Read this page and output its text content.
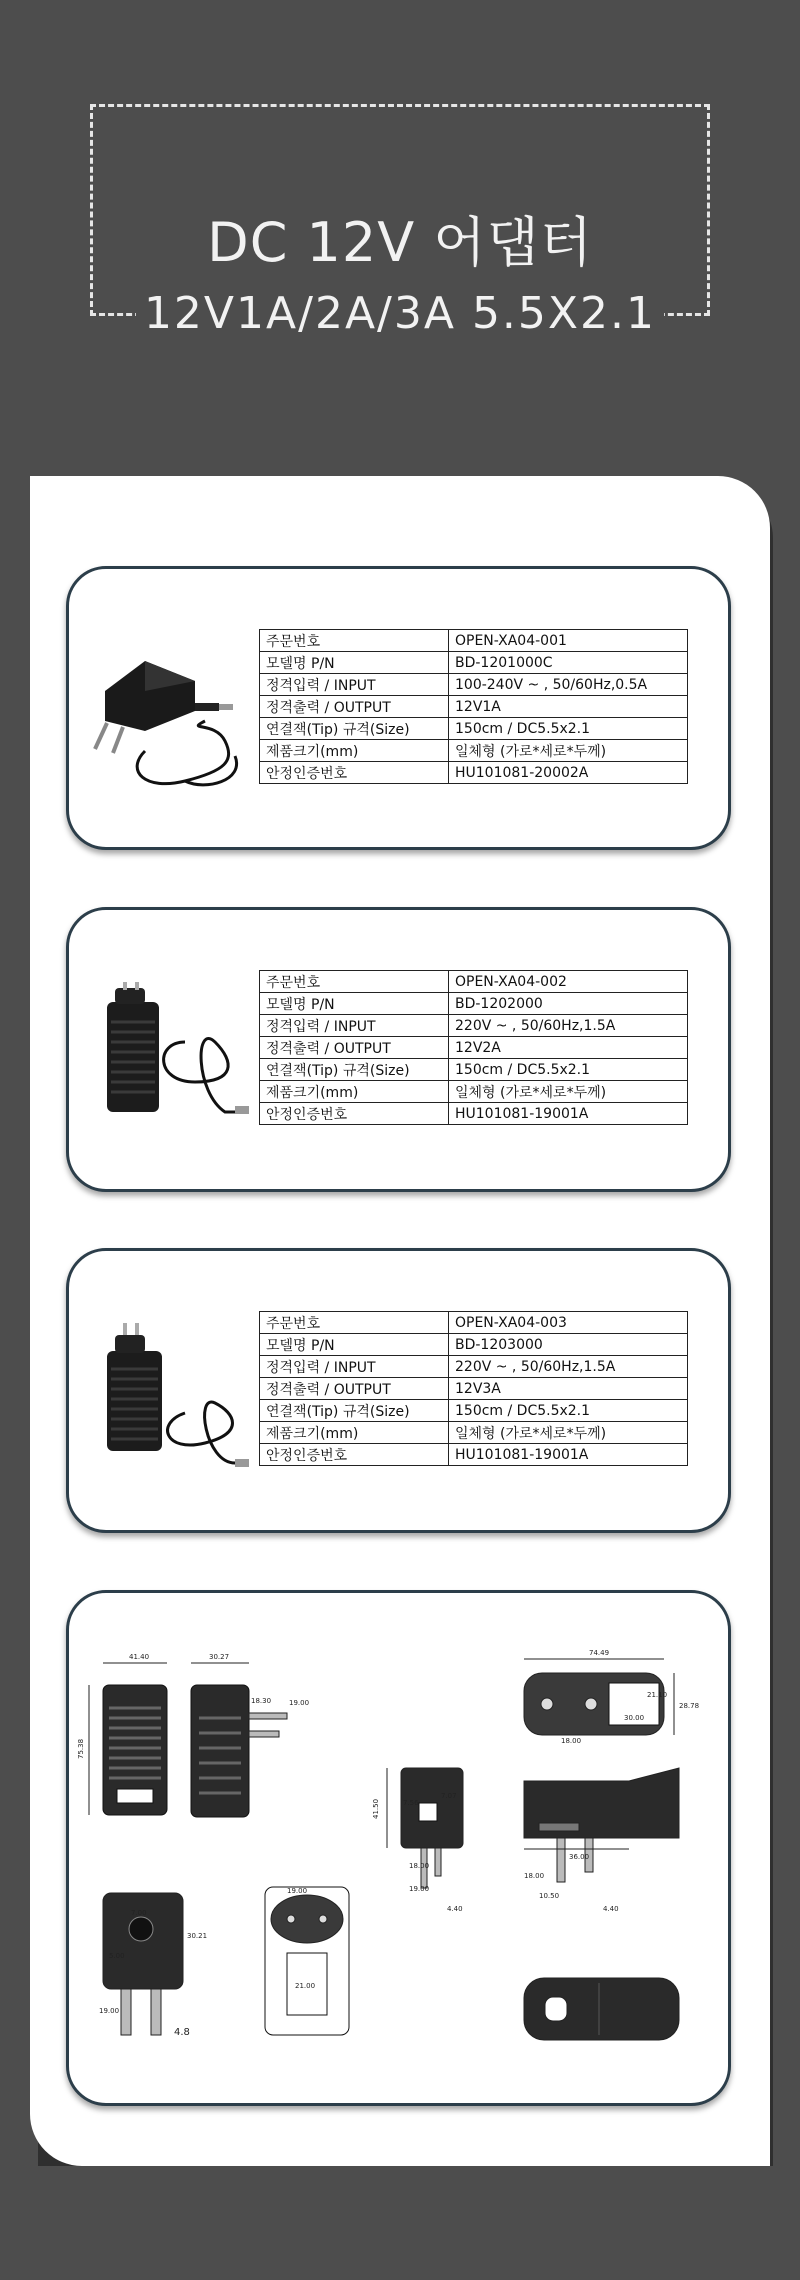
DC 12V 어댑터
12V1A/2A/3A 5.5X2.1
주문번호	OPEN-XA04-001
모델명 P/N	BD-1201000C
정격입력 / INPUT	100-240V ~ , 50/60Hz,0.5A
정격출력 / OUTPUT	12V1A
연결잭(Tip) 규격(Size)	150cm / DC5.5x2.1
제품크기(mm)	일체형 (가로*세로*두께)
안정인증번호	HU101081-20002A
주문번호	OPEN-XA04-002
모델명 P/N	BD-1202000
정격입력 / INPUT	220V ~ , 50/60Hz,1.5A
정격출력 / OUTPUT	12V2A
연결잭(Tip) 규격(Size)	150cm / DC5.5x2.1
제품크기(mm)	일체형 (가로*세로*두께)
안정인증번호	HU101081-19001A
주문번호	OPEN-XA04-003
모델명 P/N	BD-1203000
정격입력 / INPUT	220V ~ , 50/60Hz,1.5A
정격출력 / OUTPUT	12V3A
연결잭(Tip) 규격(Size)	150cm / DC5.5x2.1
제품크기(mm)	일체형 (가로*세로*두께)
안정인증번호	HU101081-19001A
41.40
75.38
30.27
18.30	19.00
74.49
21.10
28.78
18.00
30.00
7.56
7.07
41.50
18.00
19.00
4.40
36.00
18.00
10.50
4.40
7.00
30.21
5.00
19.00
4.8
19.00
21.00
